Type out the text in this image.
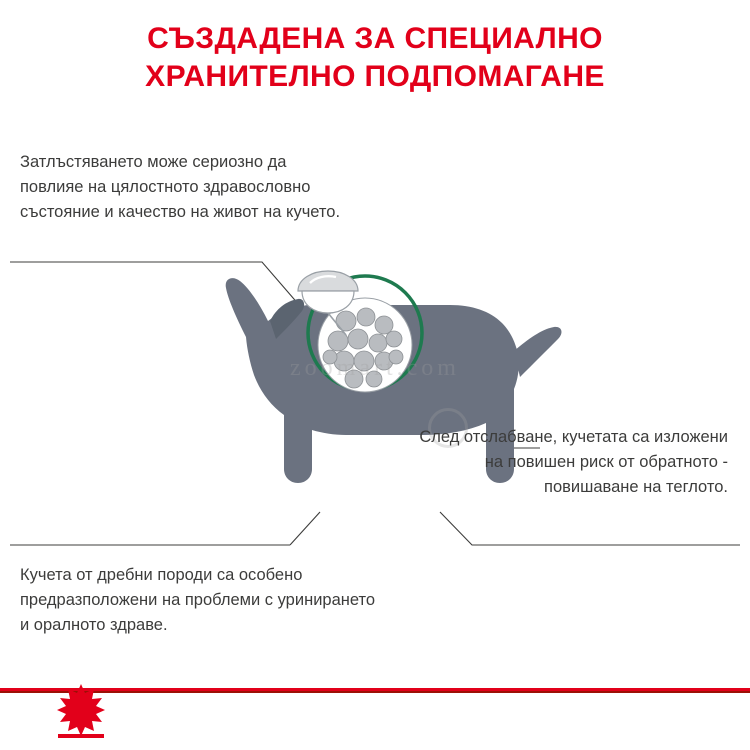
СЪЗДАДЕНА ЗА СПЕЦИАЛНО
ХРАНИТЕЛНО ПОДПОМАГАНЕ
zoomart.com
Затлъстяването може сериозно да повлияе на цялостното здравословно състояние и качество на живот на кучето.
След отслабване, кучетата са изложени на повишен риск от обратното - повишаване на теглото.
Кучета от дребни породи са особено предразположени на проблеми с уринирането и оралното здраве.
